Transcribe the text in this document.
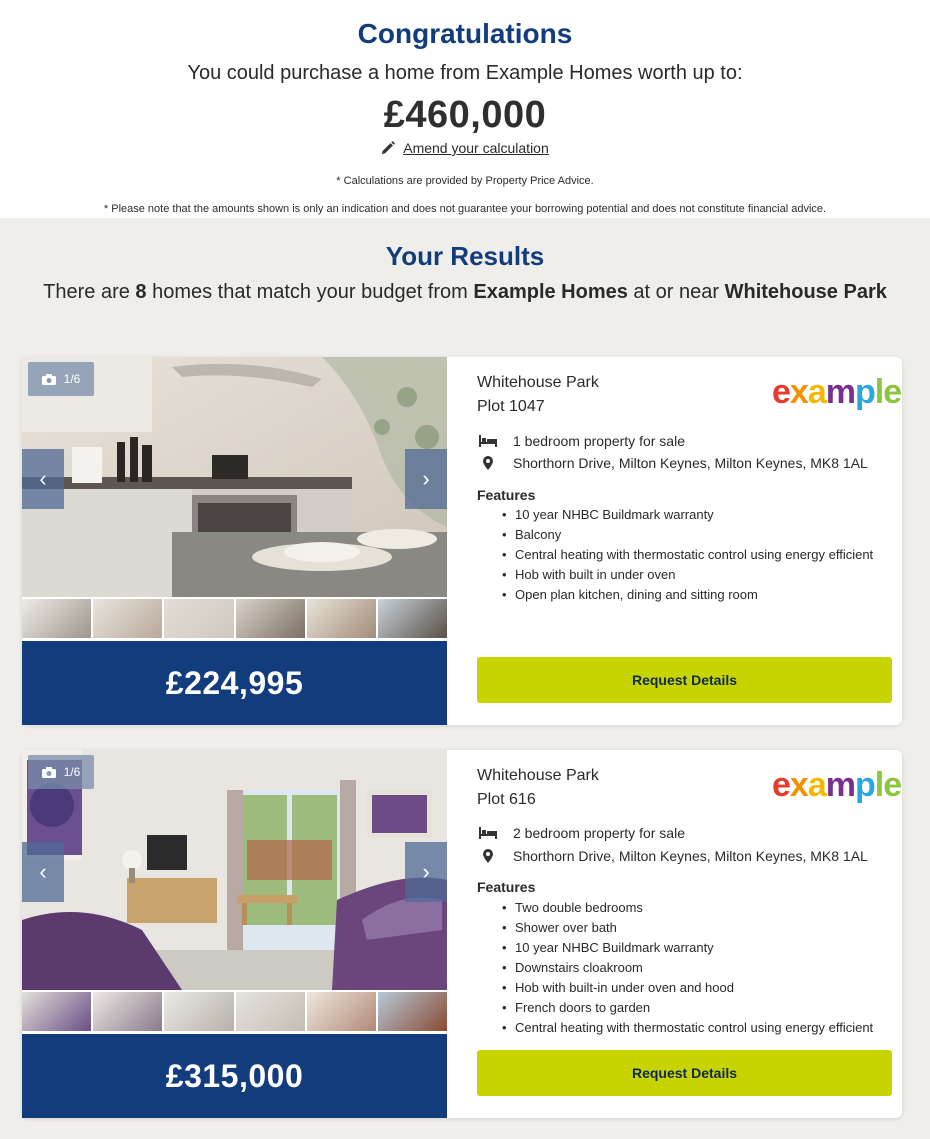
Congratulations
You could purchase a home from Example Homes worth up to:
£460,000
Amend your calculation
* Calculations are provided by Property Price Advice.
* Please note that the amounts shown is only an indication and does not guarantee your borrowing potential and does not constitute financial advice.
Your Results
There are 8 homes that match your budget from Example Homes at or near Whitehouse Park
1/6
‹	›
£224,995
Whitehouse Park
Plot 1047	example
1 bedroom property for sale
Shorthorn Drive, Milton Keynes, Milton Keynes, MK8 1AL
Features
• 10 year NHBC Buildmark warranty
• Balcony
• Central heating with thermostatic control using energy efficient
• Hob with built in under oven
• Open plan kitchen, dining and sitting room
Request Details
1/6
‹	›
£315,000
Whitehouse Park
Plot 616	example
2 bedroom property for sale
Shorthorn Drive, Milton Keynes, Milton Keynes, MK8 1AL
Features
• Two double bedrooms
• Shower over bath
• 10 year NHBC Buildmark warranty
• Downstairs cloakroom
• Hob with built-in under oven and hood
• French doors to garden
• Central heating with thermostatic control using energy efficient
Request Details
